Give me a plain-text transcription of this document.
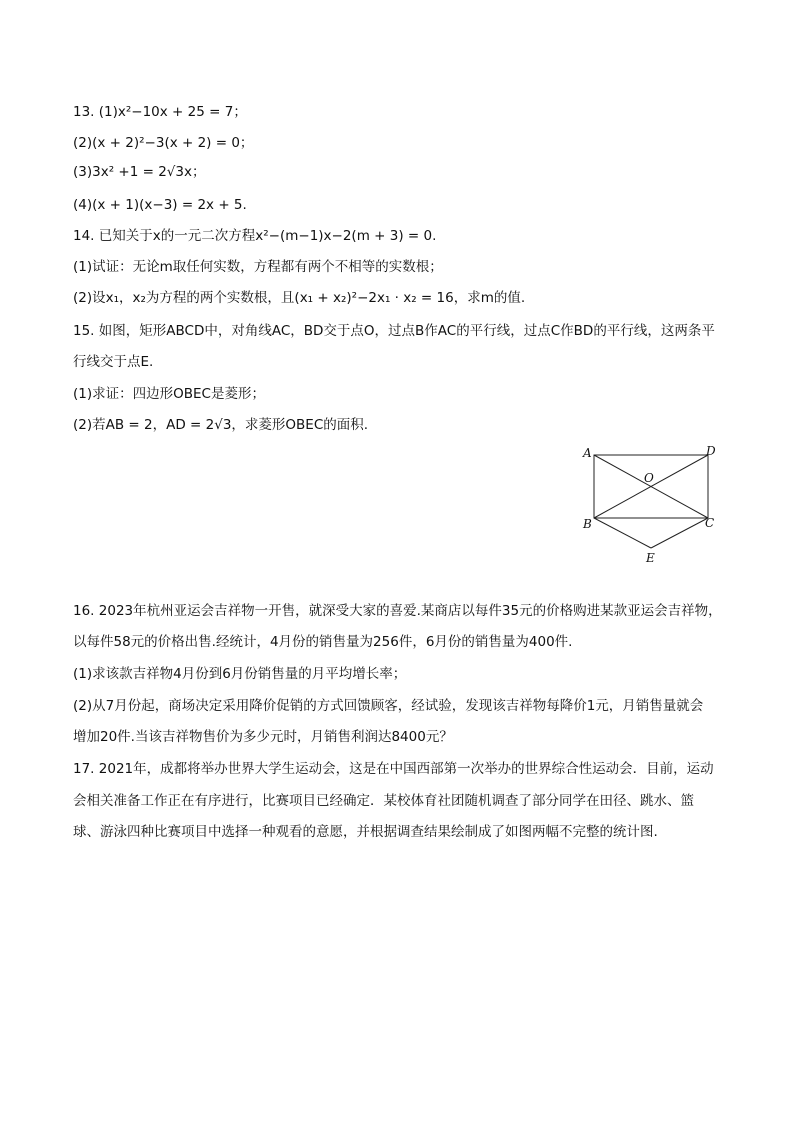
13. (1)x²−10x + 25 = 7；
(2)(x + 2)²−3(x + 2) = 0；
(3)3x² +1 = 2√3x；
(4)(x + 1)(x−3) = 2x + 5.
14. 已知关于x的一元二次方程x²−(m−1)x−2(m + 3) = 0.
(1)试证：无论m取任何实数，方程都有两个不相等的实数根；
(2)设x₁，x₂为方程的两个实数根，且(x₁ + x₂)²−2x₁ · x₂ = 16，求m的值.
15. 如图，矩形ABCD中，对角线AC，BD交于点O，过点B作AC的平行线，过点C作BD的平行线，这两条平
行线交于点E.
(1)求证：四边形OBEC是菱形；
(2)若AB = 2，AD = 2√3，求菱形OBEC的面积.
A	D
O
B	C
E
16. 2023年杭州亚运会吉祥物一开售，就深受大家的喜爱.某商店以每件35元的价格购进某款亚运会吉祥物，
以每件58元的价格出售.经统计，4月份的销售量为256件，6月份的销售量为400件.
(1)求该款吉祥物4月份到6月份销售量的月平均增长率；
(2)从7月份起，商场决定采用降价促销的方式回馈顾客，经试验，发现该吉祥物每降价1元，月销售量就会
增加20件.当该吉祥物售价为多少元时，月销售利润达8400元？
17. 2021年，成都将举办世界大学生运动会，这是在中国西部第一次举办的世界综合性运动会．目前，运动
会相关准备工作正在有序进行，比赛项目已经确定．某校体育社团随机调查了部分同学在田径、跳水、篮
球、游泳四种比赛项目中选择一种观看的意愿，并根据调查结果绘制成了如图两幅不完整的统计图.
